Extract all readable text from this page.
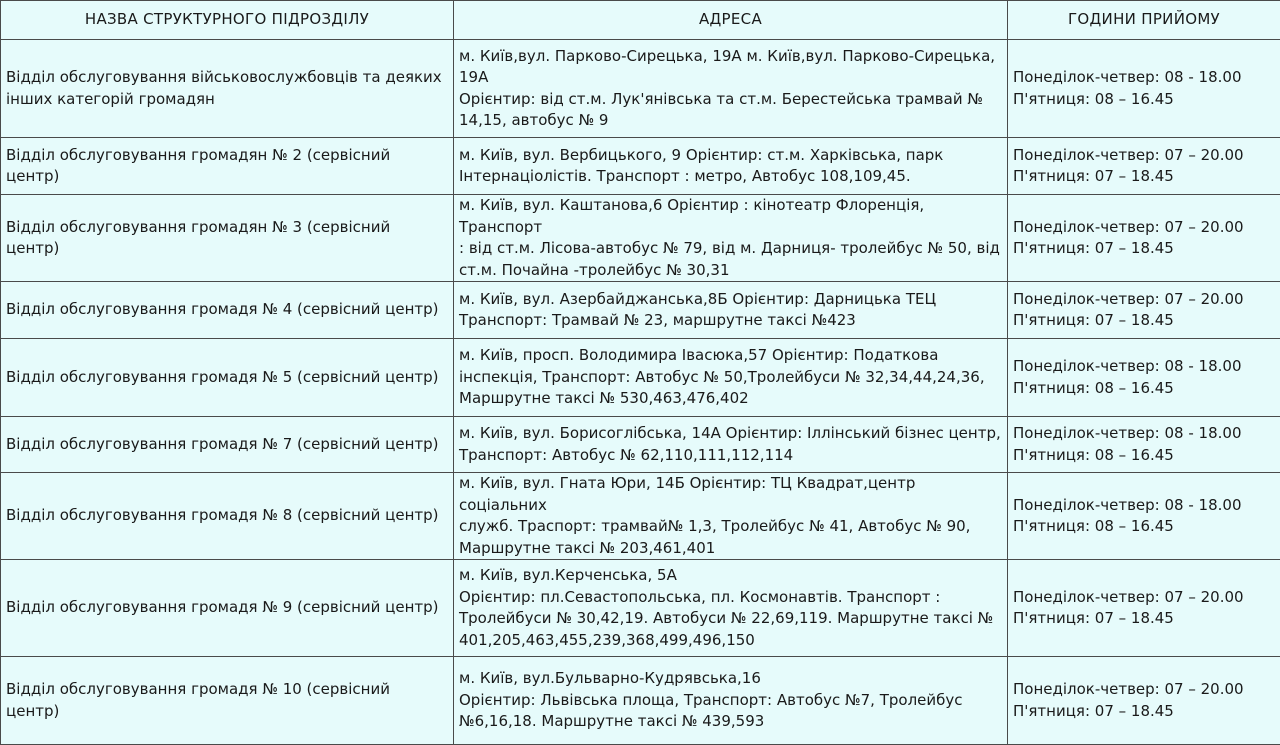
НАЗВА СТРУКТУРНОГО ПІДРОЗДІЛУ	АДРЕСА	ГОДИНИ ПРИЙОМУ
Відділ обслуговування військовослужбовців та деяких
інших категорій громадян	м. Київ,вул. Парково-Сирецька, 19А м. Київ,вул. Парково-Сирецька,
19А
Орієнтир: від ст.м. Лук'янівська та ст.м. Берестейська трамвай №
14,15, автобус № 9	Понеділок-четвер: 08 - 18.00
П'ятниця: 08 – 16.45
Відділ обслуговування громадян № 2 (сервісний центр)	м. Київ, вул. Вербицького, 9 Орієнтир: ст.м. Харківська, парк
Інтернаціолістів. Транспорт : метро, Автобус 108,109,45.	Понеділок-четвер: 07 – 20.00
П'ятниця: 07 – 18.45
Відділ обслуговування громадян № 3 (сервісний центр)	м. Київ, вул. Каштанова,6 Орієнтир : кінотеатр Флоренція, Транспорт
: від ст.м. Лісова-автобус № 79, від м. Дарниця- тролейбус № 50, від
ст.м. Почайна -тролейбус № 30,31	Понеділок-четвер: 07 – 20.00
П'ятниця: 07 – 18.45
Відділ обслуговування громадя № 4 (сервісний центр)	м. Київ, вул. Азербайджанська,8Б Орієнтир: Дарницька ТЕЦ
Транспорт: Трамвай № 23, маршрутне таксі №423	Понеділок-четвер: 07 – 20.00
П'ятниця: 07 – 18.45
Відділ обслуговування громадя № 5 (сервісний центр)	м. Київ, просп. Володимира Івасюка,57 Орієнтир: Податкова
інспекція, Транспорт: Автобус № 50,Тролейбуси № 32,34,44,24,36,
Маршрутне таксі № 530,463,476,402	Понеділок-четвер: 08 - 18.00
П'ятниця: 08 – 16.45
Відділ обслуговування громадя № 7 (сервісний центр)	м. Київ, вул. Борисоглібська, 14А Орієнтир: Іллінський бізнес центр,
Транспорт: Автобус № 62,110,111,112,114	Понеділок-четвер: 08 - 18.00
П'ятниця: 08 – 16.45
Відділ обслуговування громадя № 8 (сервісний центр)	м. Київ, вул. Гната Юри, 14Б Орієнтир: ТЦ Квадрат,центр соціальних
служб. Траспорт: трамвай№ 1,3, Тролейбус № 41, Автобус № 90,
Маршрутне таксі № 203,461,401	Понеділок-четвер: 08 - 18.00
П'ятниця: 08 – 16.45
Відділ обслуговування громадя № 9 (сервісний центр)	м. Київ, вул.Керченська, 5А
Орієнтир: пл.Севастопольська, пл. Космонавтів. Транспорт :
Тролейбуси № 30,42,19. Автобуси № 22,69,119. Маршрутне таксі №
401,205,463,455,239,368,499,496,150	Понеділок-четвер: 07 – 20.00
П'ятниця: 07 – 18.45
Відділ обслуговування громадя № 10 (сервісний центр)	м. Київ, вул.Бульварно-Кудрявська,16
Орієнтир: Львівська площа, Транспорт: Автобус №7, Тролейбус
№6,16,18. Маршрутне таксі № 439,593	Понеділок-четвер: 07 – 20.00
П'ятниця: 07 – 18.45
